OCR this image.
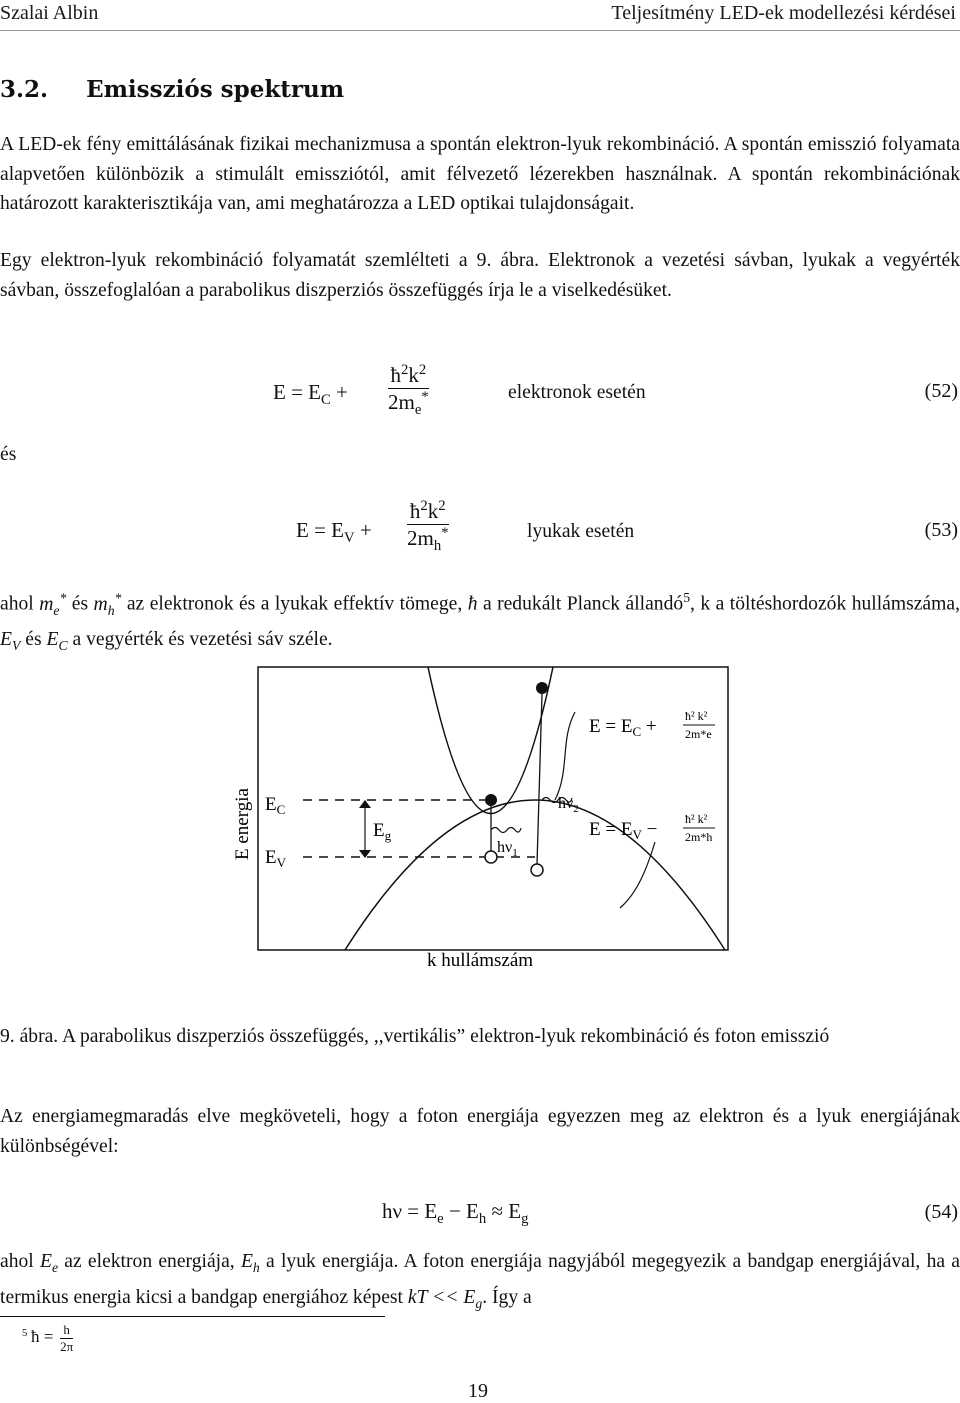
Szalai Albin	Teljesítmény LED-ek modellezési kérdései
3.2. Emissziós spektrum
A LED-ek fény emittálásának fizikai mechanizmusa a spontán elektron-lyuk rekombináció. A spontán emisszió folyamata alapvetően különbözik a stimulált emissziótól, amit félvezető lézerekben használnak. A spontán rekombinációnak határozott karakterisztikája van, ami meghatározza a LED optikai tulajdonságait.
Egy elektron-lyuk rekombináció folyamatát szemlélteti a 9. ábra. Elektronok a vezetési sávban, lyukak a vegyérték sávban, összefoglalóan a parabolikus diszperziós összefüggés írja le a viselkedésüket.
$E = E_C + \frac{ħ^2k^2}{2m_e^*}$	elektronok esetén	(52)
és
$E = E_V + \frac{ħ^2k^2}{2m_h^*}$	lyukak esetén	(53)
ahol $m_e^*$ és $m_h^*$ az elektronok és a lyukak effektív tömege, ħ a redukált Planck állandó$^5$, k a töltéshordozók hullámszáma, $E_V$ és $E_C$ a vegyérték és vezetési sáv széle.
E energia $E_C$
$E_V$
$E_g$
$h\nu_1$
$h\nu_2$
$E = E_C$ + ħ² k²
2m*e
$E = E_V$ − ħ² k²
2m*h
k hullámszám
9. ábra. A parabolikus diszperziós összefüggés, ,,vertikális” elektron-lyuk rekombináció és foton emisszió
Az energiamegmaradás elve megköveteli, hogy a foton energiája egyezzen meg az elektron és a lyuk energiájának különbségével:
$h\nu = E_e - E_h \approx E_g$	(54)
ahol $E_e$ az elektron energiája, $E_h$ a lyuk energiája. A foton energiája nagyjából megegyezik a bandgap energiájával, ha a termikus energia kicsi a bandgap energiához képest kT << $E_g$. Így a
$^5$ ħ = $\frac{h}{2\pi}$
19
